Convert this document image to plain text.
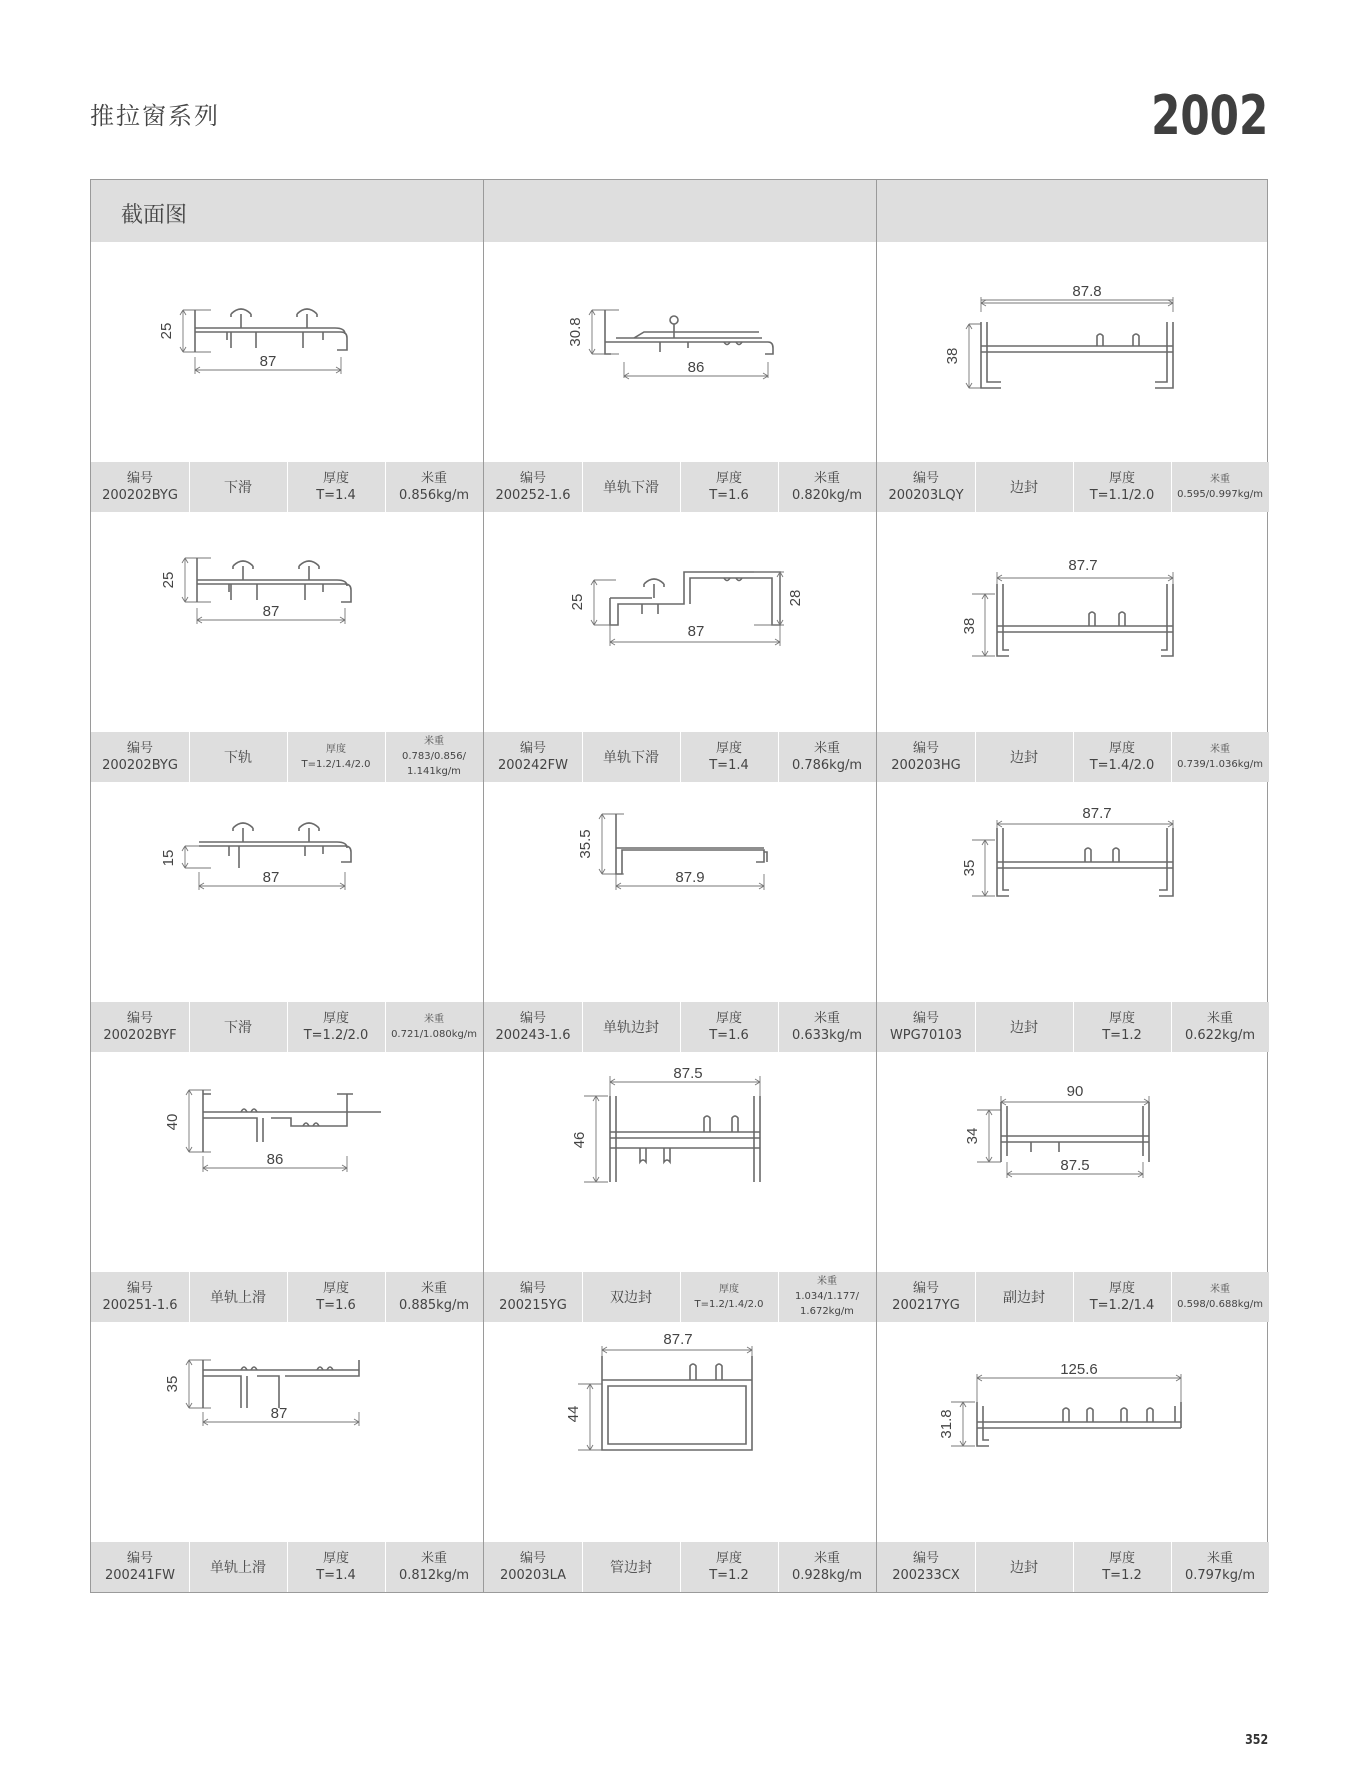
推拉窗系列	2002
截面图
25
87
编号
200202BYG	下滑
厚度
T=1.4
米重
0.856kg/m
30.8
86
编号
200252-1.6 单轨下滑
厚度
T=1.6
米重
0.820kg/m
87.8
38
编号
200203LQY	边封
厚度
T=1.1/2.0
米重
0.595/0.997kg/m
25
87
编号
200202BYG	下轨
厚度
T=1.2/1.4/2.0
米重
0.783/0.856/
1.141kg/m
25	28
87
编号
200242FW	单轨下滑
厚度
T=1.4
米重
0.786kg/m
87.7
38
编号
200203HG	边封
厚度
T=1.4/2.0
米重
0.739/1.036kg/m
15
87
编号
200202BYF	下滑
厚度
T=1.2/2.0
米重
0.721/1.080kg/m
35.5
87.9
编号
200243-1.6 单轨边封
厚度
T=1.6
米重
0.633kg/m
87.7
35
编号
WPG70103	边封
厚度
T=1.2
米重
0.622kg/m
40
86
编号
200251-1.6 单轨上滑
厚度
T=1.6
米重
0.885kg/m
87.5
46
编号
200215YG	双边封
厚度
T=1.2/1.4/2.0
米重
1.034/1.177/
1.672kg/m
90
34
87.5
编号
200217YG	副边封
厚度
T=1.2/1.4
米重
0.598/0.688kg/m
35
87
编号
200241FW	单轨上滑
厚度
T=1.4
米重
0.812kg/m
87.7
44
编号
200203LA	管边封
厚度
T=1.2
米重
0.928kg/m
125.6
31.8
编号
200233CX	边封
厚度
T=1.2
米重
0.797kg/m
352
